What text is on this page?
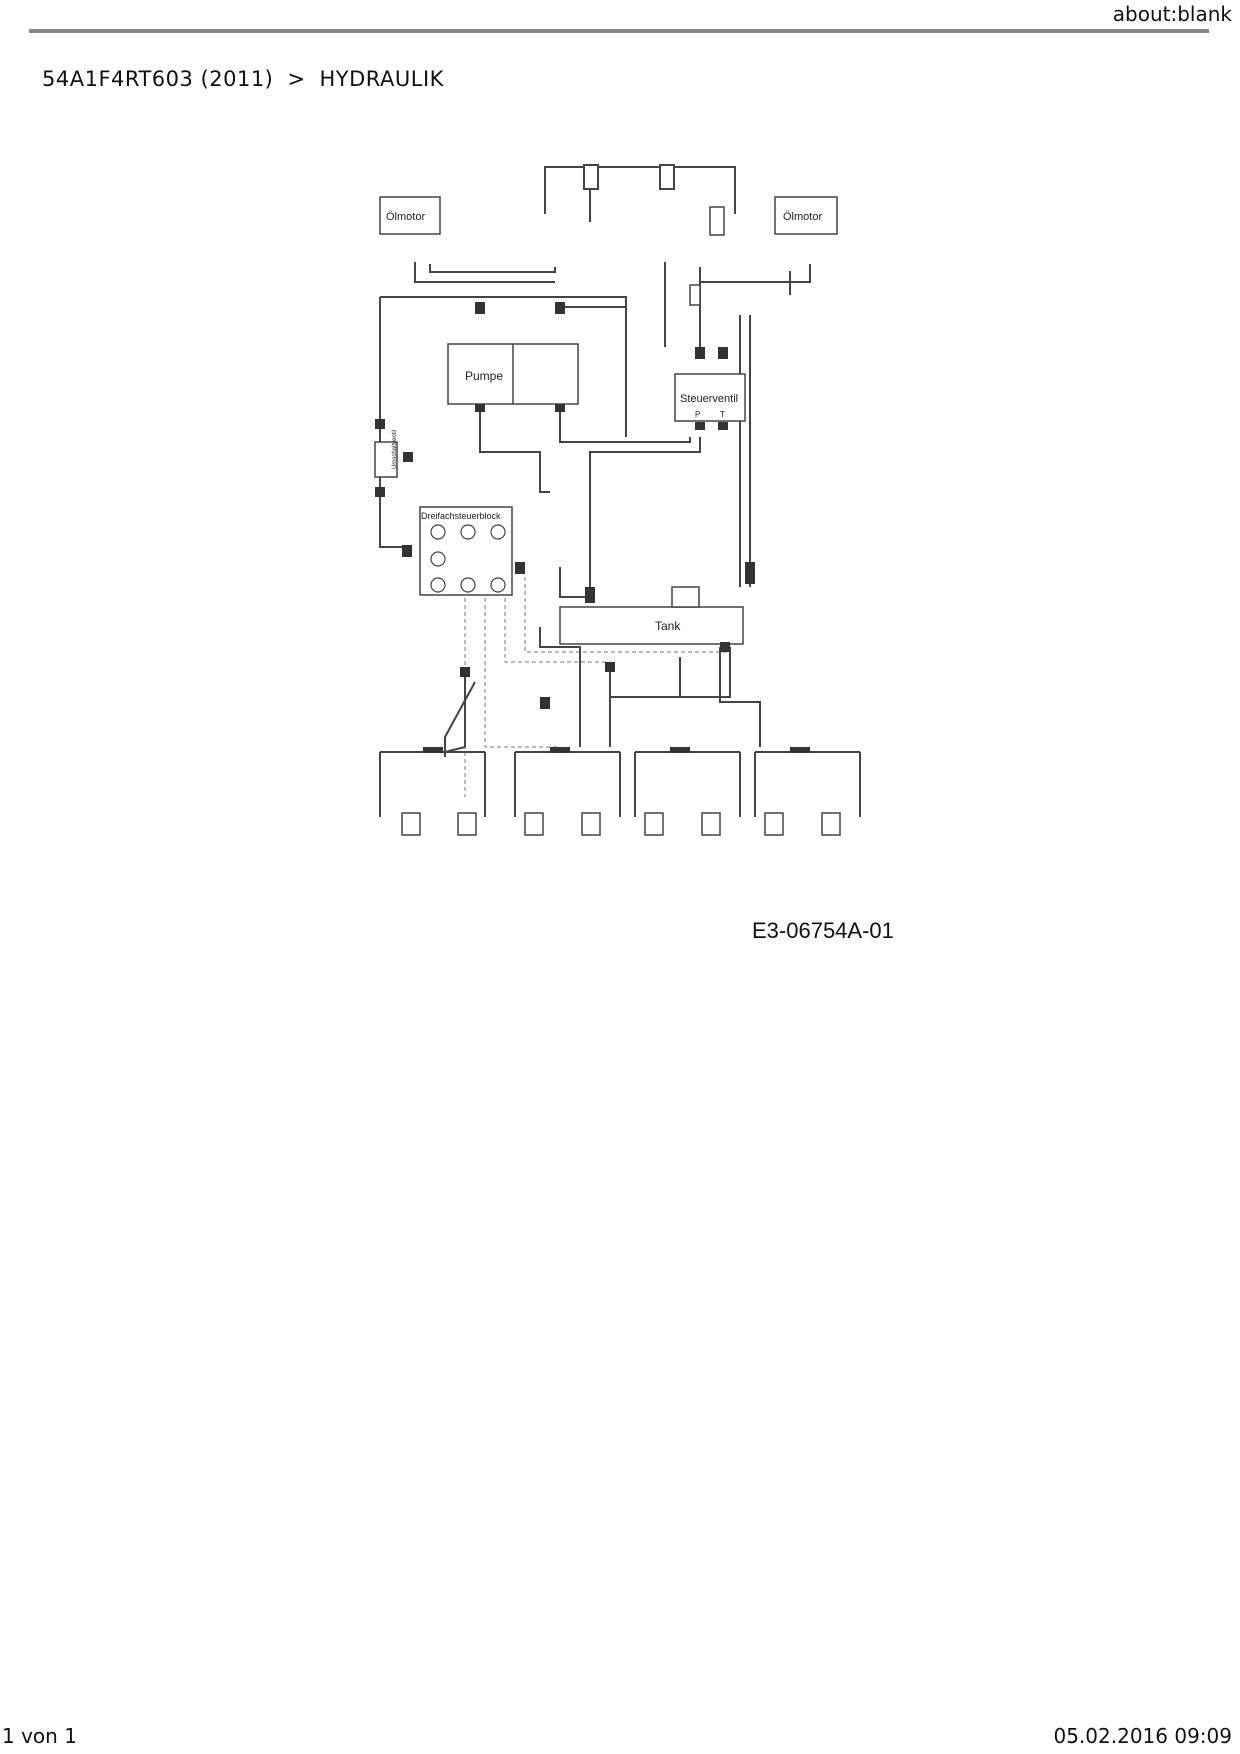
about:blank
54A1F4RT603 (2011) > HYDRAULIK
Ölmotor	Ölmotor
Pumpe
Steuerventil
P T
Dreifachsteuerblock
Tank
Umschaltventil
E3-06754A-01
1 von 1	05.02.2016 09:09
